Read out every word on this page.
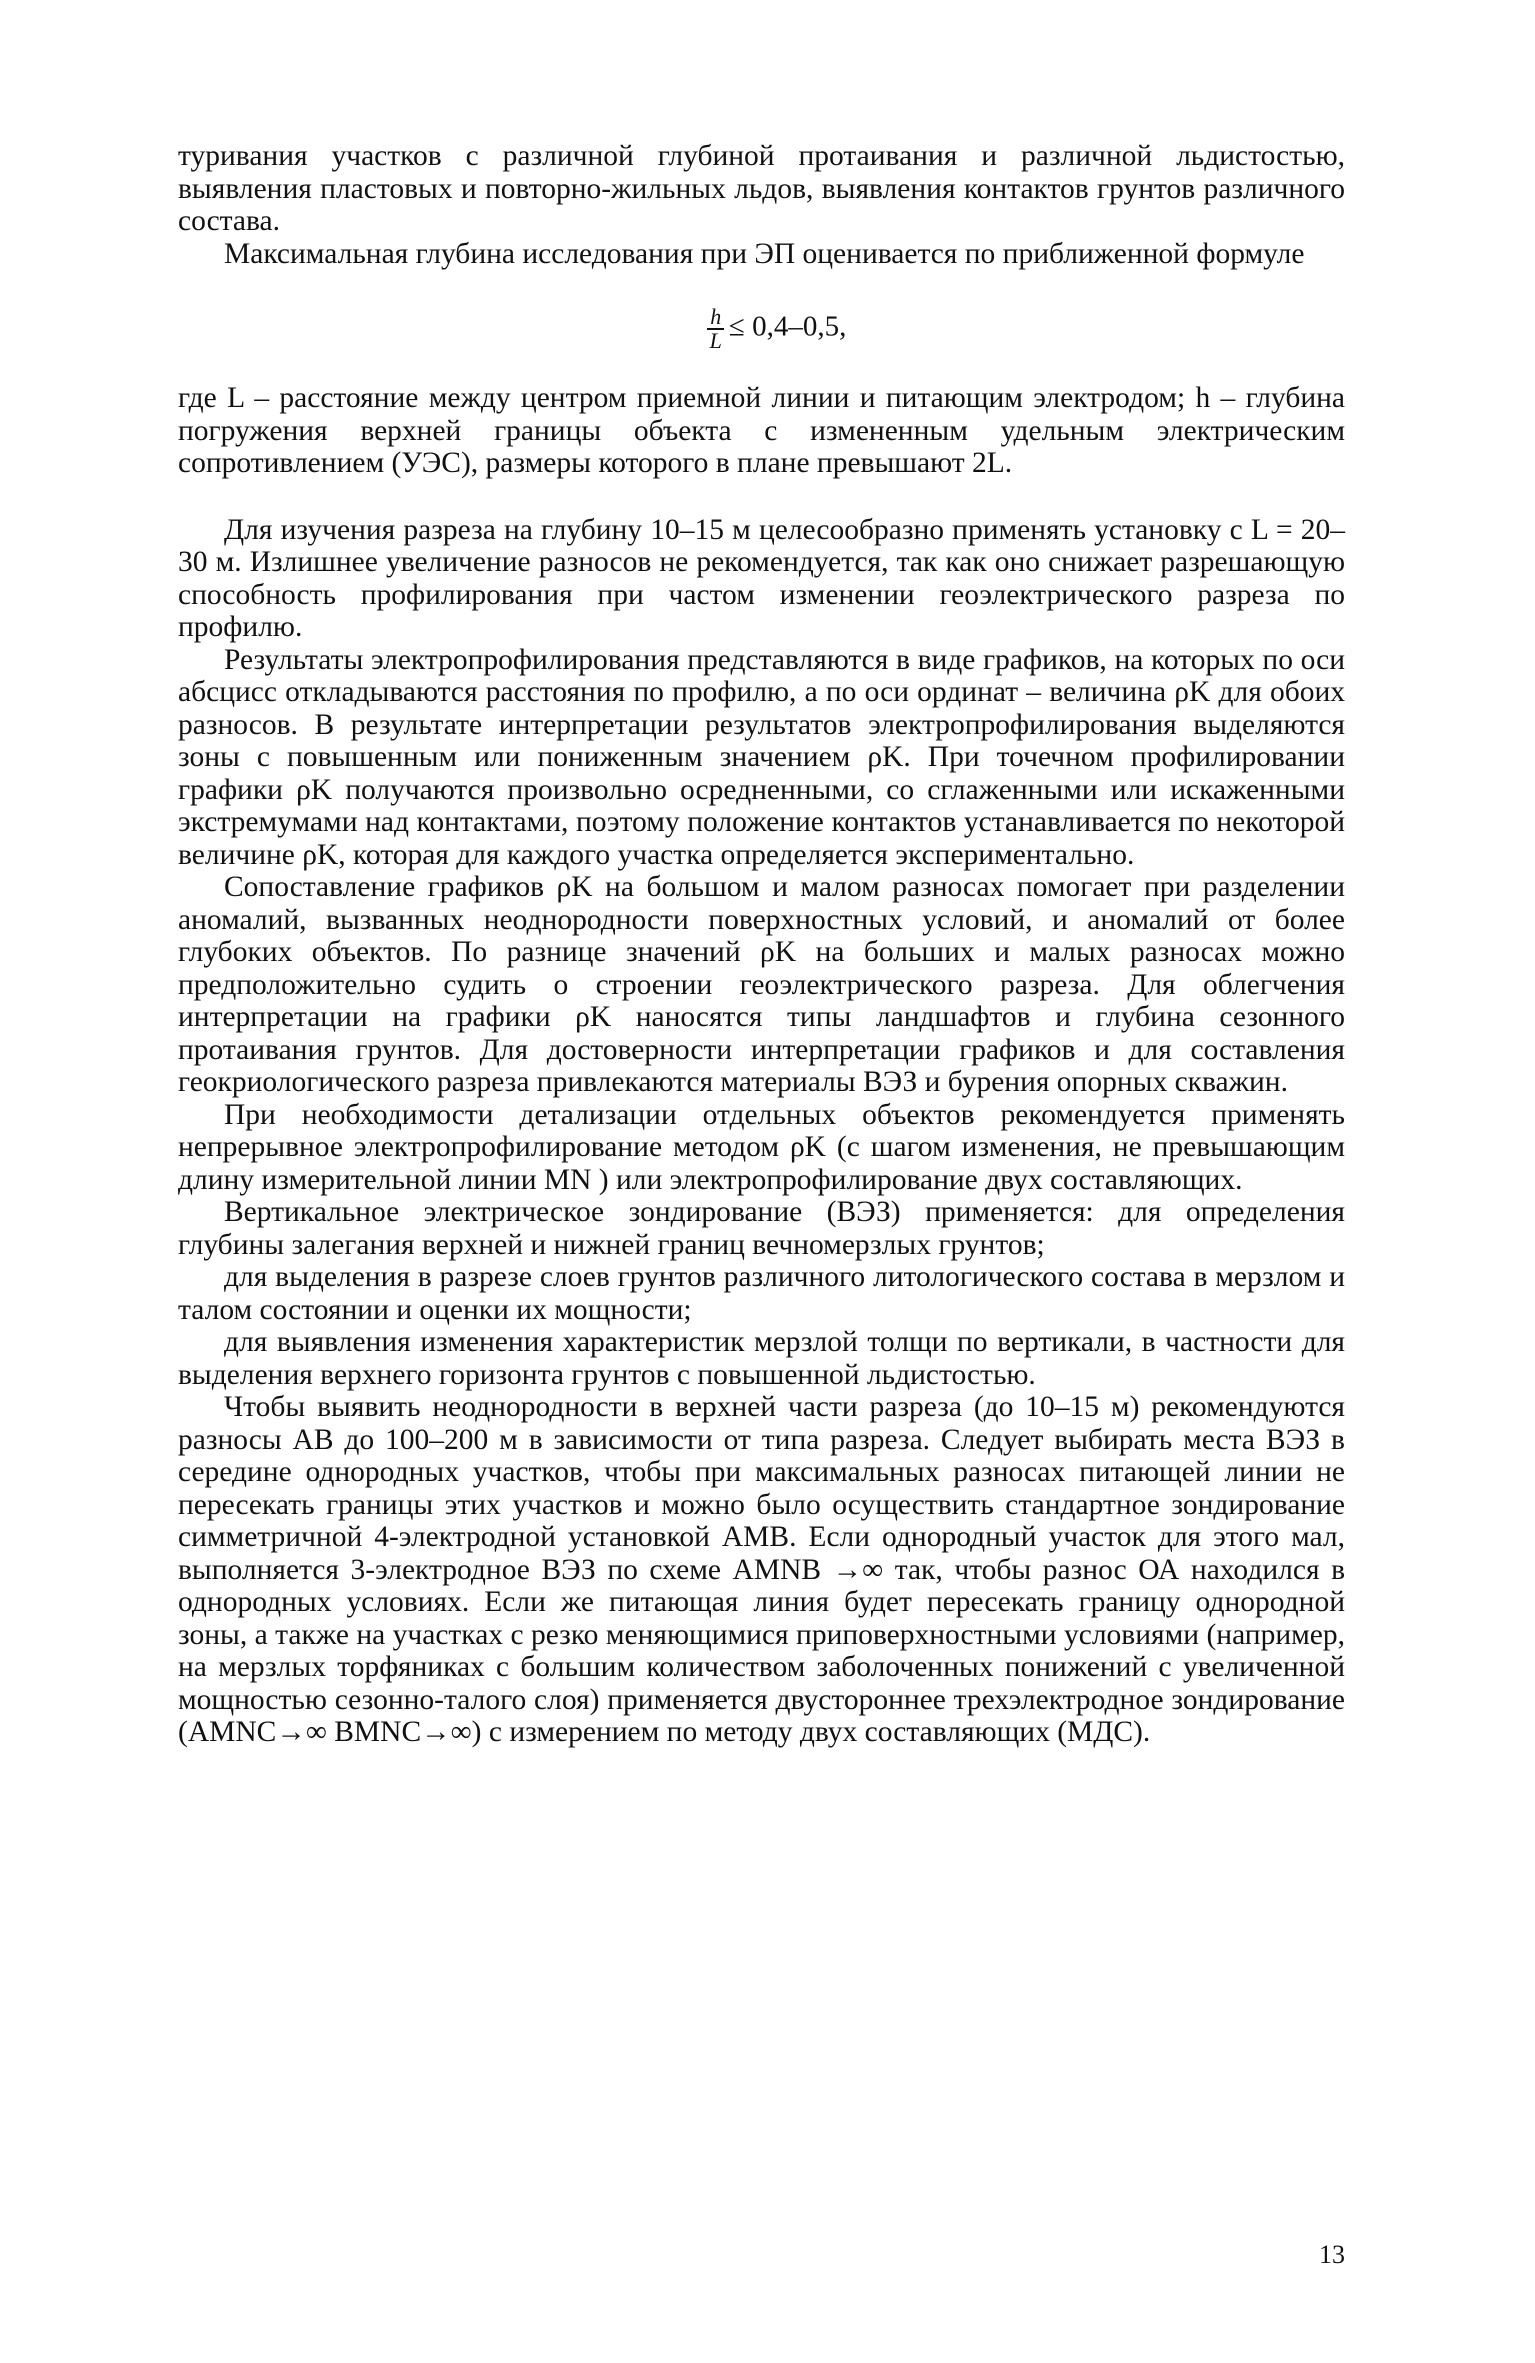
туривания участков с различной глубиной протаивания и различной льдистостью, выявления пластовых и повторно-жильных льдов, выявления контактов грунтов различного состава.

Максимальная глубина исследования при ЭП оценивается по приближенной формуле

$\frac{h}{L} \le 0,4-0,5$,

где L – расстояние между центром приемной линии и питающим электродом; h – глубина погружения верхней границы объекта с измененным удельным электрическим сопротивлением (УЭС), размеры которого в плане превышают 2L.

Для изучения разреза на глубину 10–15 м целесообразно применять установку с L = 20–30 м. Излишнее увеличение разносов не рекомендуется, так как оно снижает разрешающую способность профилирования при частом изменении геоэлектрического разреза по профилю.

Результаты электропрофилирования представляются в виде графиков, на которых по оси абсцисс откладываются расстояния по профилю, а по оси ординат – величина ρK для обоих разносов. В результате интерпретации результатов электропрофилирования выделяются зоны с повышенным или пониженным значением ρK. При точечном профилировании графики ρK получаются произвольно осредненными, со сглаженными или искаженными экстремумами над контактами, поэтому положение контактов устанавливается по некоторой величине ρK, которая для каждого участка определяется экспериментально.

Сопоставление графиков ρK на большом и малом разносах помогает при разделении аномалий, вызванных неоднородности поверхностных условий, и аномалий от более глубоких объектов. По разнице значений ρK на больших и малых разносах можно предположительно судить о строении геоэлектрического разреза. Для облегчения интерпретации на графики ρK наносятся типы ландшафтов и глубина сезонного протаивания грунтов. Для достоверности интерпретации графиков и для составления геокриологического разреза привлекаются материалы ВЭЗ и бурения опорных скважин.

При необходимости детализации отдельных объектов рекомендуется применять непрерывное электропрофилирование методом ρK (с шагом изменения, не превышающим длину измерительной линии MN ) или электропрофилирование двух составляющих.

Вертикальное электрическое зондирование (ВЭЗ) применяется: для определения глубины залегания верхней и нижней границ вечномерзлых грунтов;

для выделения в разрезе слоев грунтов различного литологического состава в мерзлом и талом состоянии и оценки их мощности;

для выявления изменения характеристик мерзлой толщи по вертикали, в частности для выделения верхнего горизонта грунтов с повышенной льдистостью.

Чтобы выявить неоднородности в верхней части разреза (до 10–15 м) рекомендуются разносы АВ до 100–200 м в зависимости от типа разреза. Следует выбирать места ВЭЗ в середине однородных участков, чтобы при максимальных разносах питающей линии не пересекать границы этих участков и можно было осуществить стандартное зондирование симметричной 4-электродной установкой АМВ. Если однородный участок для этого мал, выполняется 3-электродное ВЭЗ по схеме AMNB →∞ так, чтобы разнос ОА находился в однородных условиях. Если же питающая линия будет пересекать границу однородной зоны, а также на участках с резко меняющимися приповерхностными условиями (например, на мерзлых торфяниках с большим количеством заболоченных понижений с увеличенной мощностью сезонно-талого слоя) применяется двустороннее трехэлектродное зондирование (AMNC→∞ BMNC→∞) с измерением по методу двух составляющих (МДС).

13
